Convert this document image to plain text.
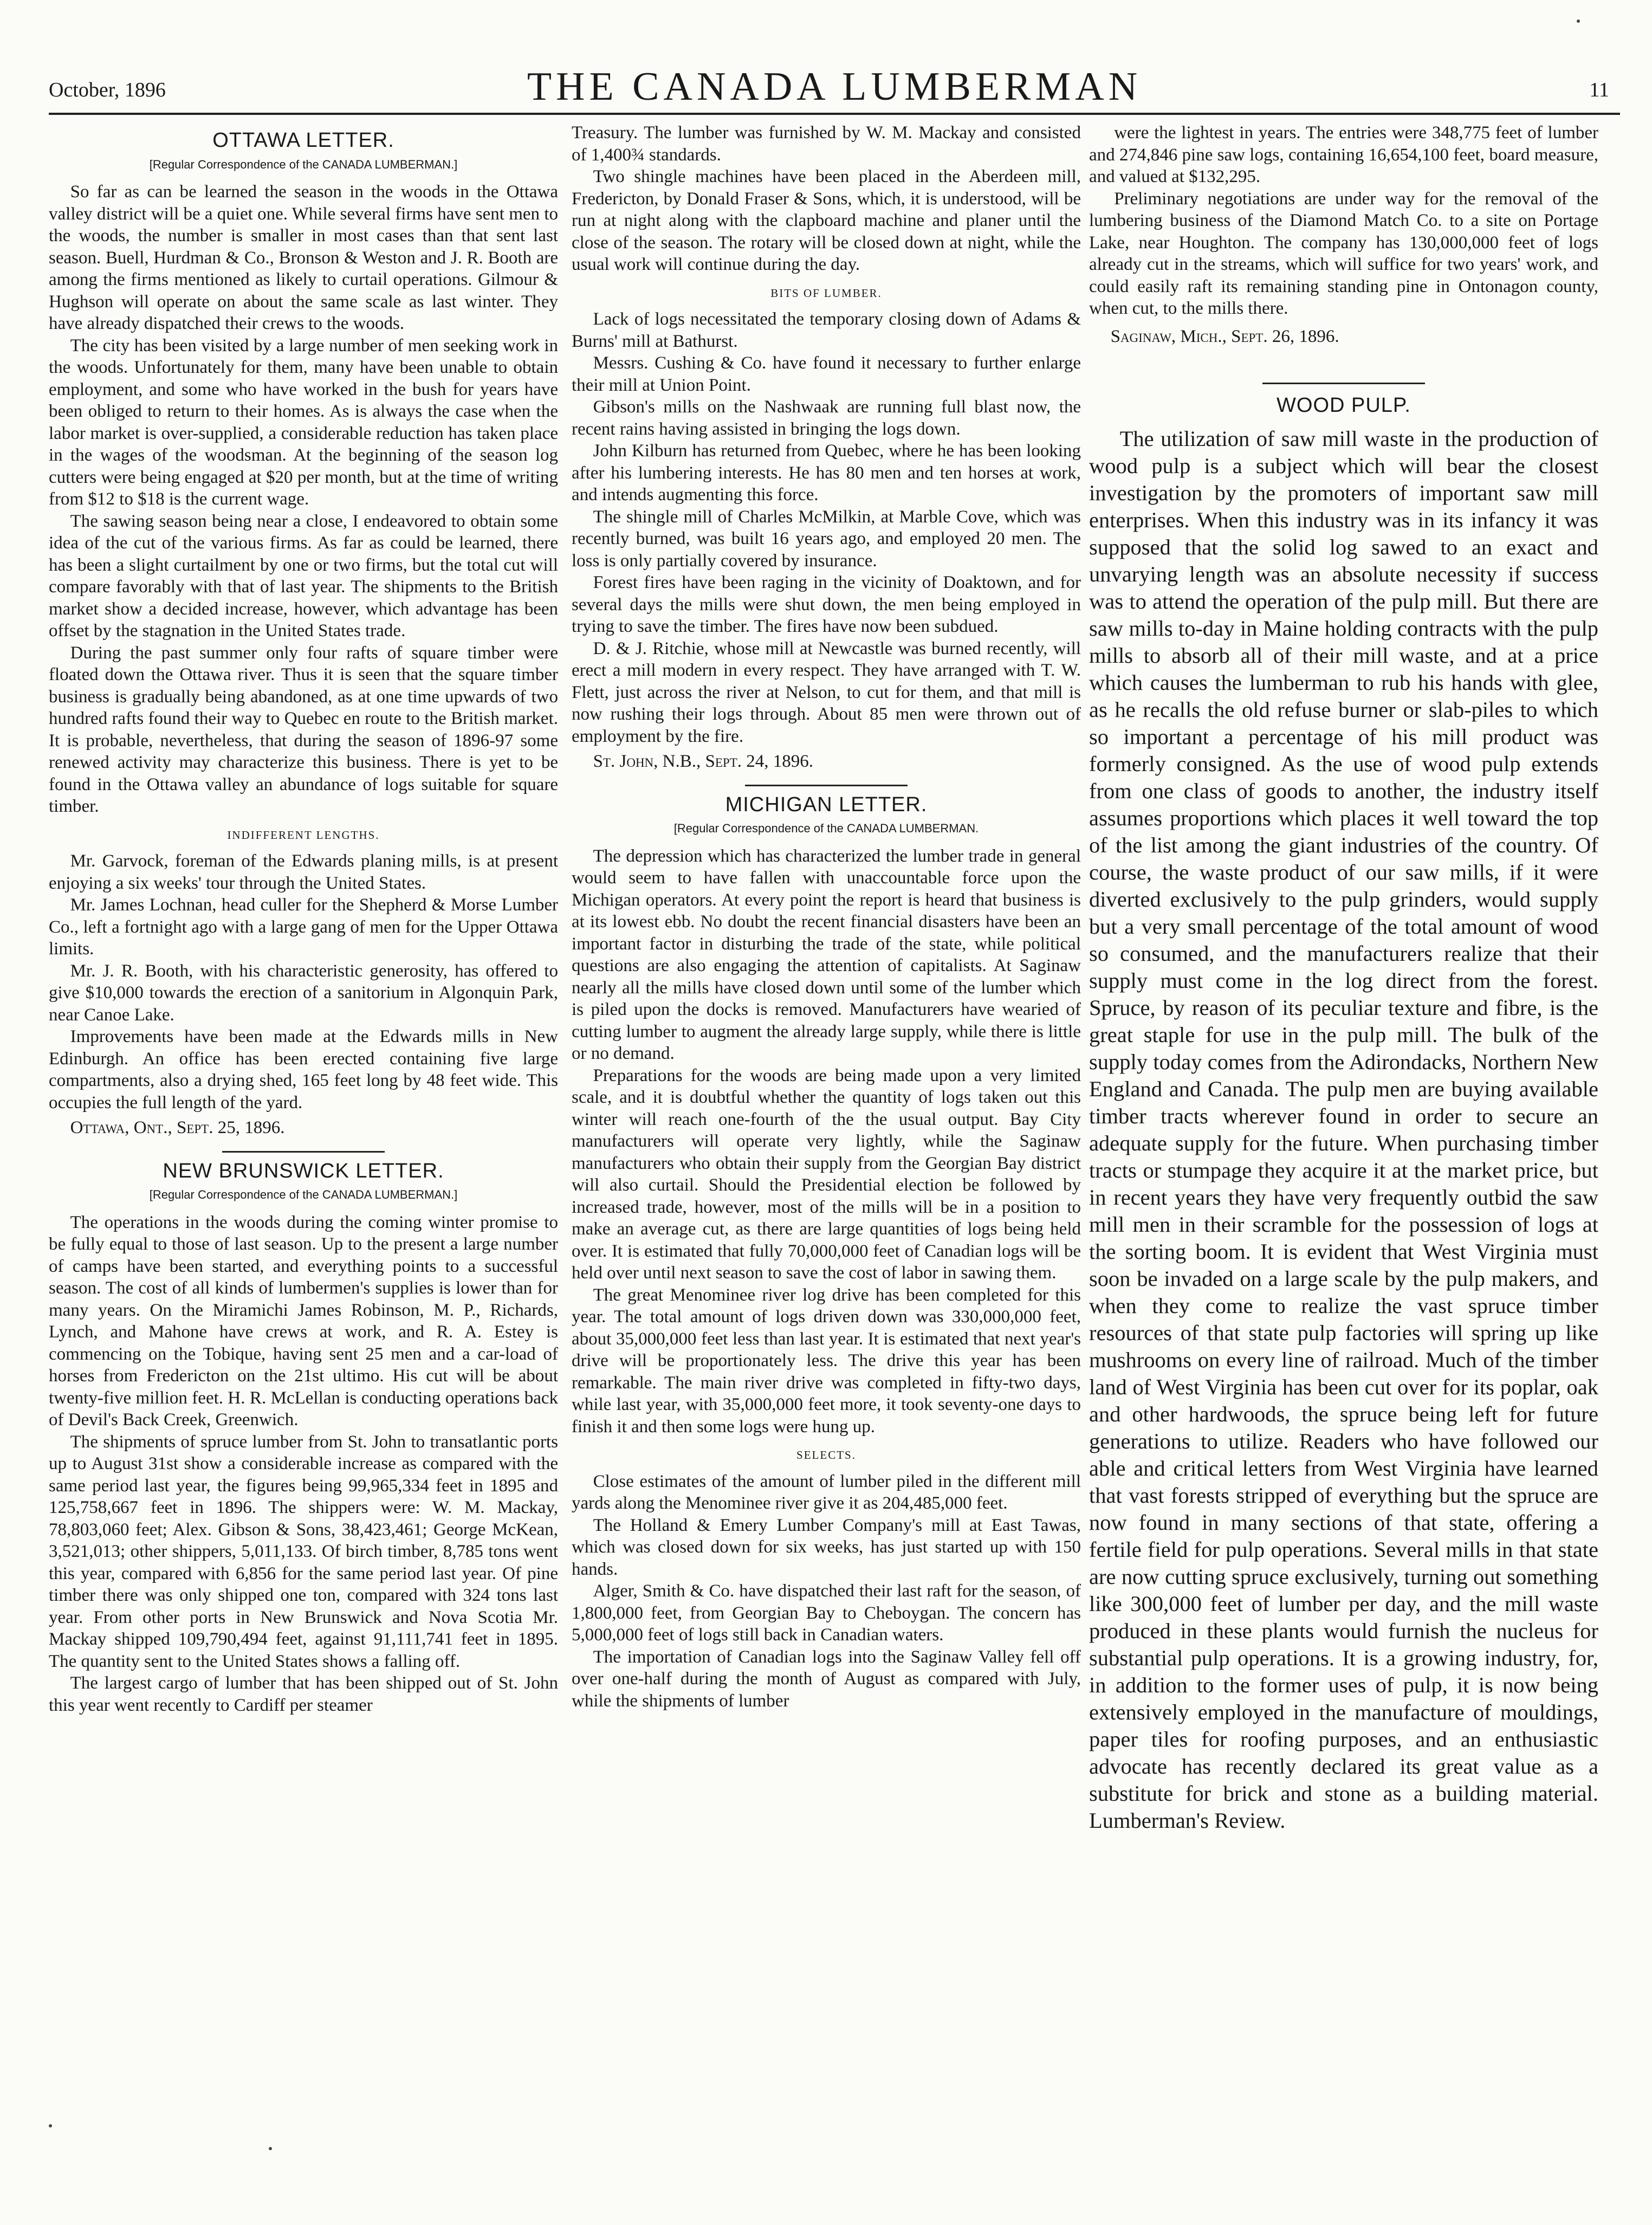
October, 1896	THE CANADA LUMBERMAN	11
OTTAWA LETTER.
[Regular Correspondence of the CANADA LUMBERMAN.]

So far as can be learned the season in the woods in the Ottawa valley district will be a quiet one. While several firms have sent men to the woods, the number is smaller in most cases than that sent last season. Buell, Hurdman & Co., Bronson & Weston and J. R. Booth are among the firms mentioned as likely to curtail operations. Gilmour & Hughson will operate on about the same scale as last winter. They have already dispatched their crews to the woods.

The city has been visited by a large number of men seeking work in the woods. Unfortunately for them, many have been unable to obtain employment, and some who have worked in the bush for years have been obliged to return to their homes. As is always the case when the labor market is over-supplied, a considerable reduction has taken place in the wages of the woodsman. At the beginning of the season log cutters were being engaged at $20 per month, but at the time of writing from $12 to $18 is the current wage.

The sawing season being near a close, I endeavored to obtain some idea of the cut of the various firms. As far as could be learned, there has been a slight curtailment by one or two firms, but the total cut will compare favorably with that of last year. The shipments to the British market show a decided increase, however, which advantage has been offset by the stagnation in the United States trade.

During the past summer only four rafts of square timber were floated down the Ottawa river. Thus it is seen that the square timber business is gradually being abandoned, as at one time upwards of two hundred rafts found their way to Quebec en route to the British market. It is probable, nevertheless, that during the season of 1896-97 some renewed activity may characterize this business. There is yet to be found in the Ottawa valley an abundance of logs suitable for square timber.

INDIFFERENT LENGTHS.

Mr. Garvock, foreman of the Edwards planing mills, is at present enjoying a six weeks' tour through the United States.

Mr. James Lochnan, head culler for the Shepherd & Morse Lumber Co., left a fortnight ago with a large gang of men for the Upper Ottawa limits.

Mr. J. R. Booth, with his characteristic generosity, has offered to give $10,000 towards the erection of a sanitorium in Algonquin Park, near Canoe Lake.

Improvements have been made at the Edwards mills in New Edinburgh. An office has been erected containing five large compartments, also a drying shed, 165 feet long by 48 feet wide. This occupies the full length of the yard.

Ottawa, Ont., Sept. 25, 1896.
NEW BRUNSWICK LETTER.
[Regular Correspondence of the CANADA LUMBERMAN.]

The operations in the woods during the coming winter promise to be fully equal to those of last season. Up to the present a large number of camps have been started, and everything points to a successful season. The cost of all kinds of lumbermen's supplies is lower than for many years. On the Miramichi James Robinson, M. P., Richards, Lynch, and Mahone have crews at work, and R. A. Estey is commencing on the Tobique, having sent 25 men and a car-load of horses from Fredericton on the 21st ultimo. His cut will be about twenty-five million feet. H. R. McLellan is conducting operations back of Devil's Back Creek, Greenwich.

The shipments of spruce lumber from St. John to transatlantic ports up to August 31st show a considerable increase as compared with the same period last year, the figures being 99,965,334 feet in 1895 and 125,758,667 feet in 1896. The shippers were: W. M. Mackay, 78,803,060 feet; Alex. Gibson & Sons, 38,423,461; George McKean, 3,521,013; other shippers, 5,011,133. Of birch timber, 8,785 tons went this year, compared with 6,856 for the same period last year. Of pine timber there was only shipped one ton, compared with 324 tons last year. From other ports in New Brunswick and Nova Scotia Mr. Mackay shipped 109,790,494 feet, against 91,111,741 feet in 1895. The quantity sent to the United States shows a falling off.

The largest cargo of lumber that has been shipped out of St. John this year went recently to Cardiff per steamer

Treasury. The lumber was furnished by W. M. Mackay and consisted of 1,400¾ standards.

Two shingle machines have been placed in the Aberdeen mill, Fredericton, by Donald Fraser & Sons, which, it is understood, will be run at night along with the clapboard machine and planer until the close of the season. The rotary will be closed down at night, while the usual work will continue during the day.

BITS OF LUMBER.

Lack of logs necessitated the temporary closing down of Adams & Burns' mill at Bathurst.

Messrs. Cushing & Co. have found it necessary to further enlarge their mill at Union Point.

Gibson's mills on the Nashwaak are running full blast now, the recent rains having assisted in bringing the logs down.

John Kilburn has returned from Quebec, where he has been looking after his lumbering interests. He has 80 men and ten horses at work, and intends augmenting this force.

The shingle mill of Charles McMilkin, at Marble Cove, which was recently burned, was built 16 years ago, and employed 20 men. The loss is only partially covered by insurance.

Forest fires have been raging in the vicinity of Doaktown, and for several days the mills were shut down, the men being employed in trying to save the timber. The fires have now been subdued.

D. & J. Ritchie, whose mill at Newcastle was burned recently, will erect a mill modern in every respect. They have arranged with T. W. Flett, just across the river at Nelson, to cut for them, and that mill is now rushing their logs through. About 85 men were thrown out of employment by the fire.

St. John, N.B., Sept. 24, 1896.
MICHIGAN LETTER.
[Regular Correspondence of the CANADA LUMBERMAN.

The depression which has characterized the lumber trade in general would seem to have fallen with unaccountable force upon the Michigan operators. At every point the report is heard that business is at its lowest ebb. No doubt the recent financial disasters have been an important factor in disturbing the trade of the state, while political questions are also engaging the attention of capitalists. At Saginaw nearly all the mills have closed down until some of the lumber which is piled upon the docks is removed. Manufacturers have wearied of cutting lumber to augment the already large supply, while there is little or no demand.

Preparations for the woods are being made upon a very limited scale, and it is doubtful whether the quantity of logs taken out this winter will reach one-fourth of the the usual output. Bay City manufacturers will operate very lightly, while the Saginaw manufacturers who obtain their supply from the Georgian Bay district will also curtail. Should the Presidential election be followed by increased trade, however, most of the mills will be in a position to make an average cut, as there are large quantities of logs being held over. It is estimated that fully 70,000,000 feet of Canadian logs will be held over until next season to save the cost of labor in sawing them.

The great Menominee river log drive has been completed for this year. The total amount of logs driven down was 330,000,000 feet, about 35,000,000 feet less than last year. It is estimated that next year's drive will be proportionately less. The drive this year has been remarkable. The main river drive was completed in fifty-two days, while last year, with 35,000,000 feet more, it took seventy-one days to finish it and then some logs were hung up.

SELECTS.

Close estimates of the amount of lumber piled in the different mill yards along the Menominee river give it as 204,485,000 feet.

The Holland & Emery Lumber Company's mill at East Tawas, which was closed down for six weeks, has just started up with 150 hands.

Alger, Smith & Co. have dispatched their last raft for the season, of 1,800,000 feet, from Georgian Bay to Cheboygan. The concern has 5,000,000 feet of logs still back in Canadian waters.

The importation of Canadian logs into the Saginaw Valley fell off over one-half during the month of August as compared with July, while the shipments of lumber

were the lightest in years. The entries were 348,775 feet of lumber and 274,846 pine saw logs, containing 16,654,100 feet, board measure, and valued at $132,295.

Preliminary negotiations are under way for the removal of the lumbering business of the Diamond Match Co. to a site on Portage Lake, near Houghton. The company has 130,000,000 feet of logs already cut in the streams, which will suffice for two years' work, and could easily raft its remaining standing pine in Ontonagon county, when cut, to the mills there.

Saginaw, Mich., Sept. 26, 1896.
WOOD PULP.

The utilization of saw mill waste in the production of wood pulp is a subject which will bear the closest investigation by the promoters of important saw mill enterprises. When this industry was in its infancy it was supposed that the solid log sawed to an exact and unvarying length was an absolute necessity if success was to attend the operation of the pulp mill. But there are saw mills to-day in Maine holding contracts with the pulp mills to absorb all of their mill waste, and at a price which causes the lumberman to rub his hands with glee, as he recalls the old refuse burner or slab-piles to which so important a percentage of his mill product was formerly consigned. As the use of wood pulp extends from one class of goods to another, the industry itself assumes proportions which places it well toward the top of the list among the giant industries of the country. Of course, the waste product of our saw mills, if it were diverted exclusively to the pulp grinders, would supply but a very small percentage of the total amount of wood so consumed, and the manufacturers realize that their supply must come in the log direct from the forest. Spruce, by reason of its peculiar texture and fibre, is the great staple for use in the pulp mill. The bulk of the supply today comes from the Adirondacks, Northern New England and Canada. The pulp men are buying available timber tracts wherever found in order to secure an adequate supply for the future. When purchasing timber tracts or stumpage they acquire it at the market price, but in recent years they have very frequently outbid the saw mill men in their scramble for the possession of logs at the sorting boom. It is evident that West Virginia must soon be invaded on a large scale by the pulp makers, and when they come to realize the vast spruce timber resources of that state pulp factories will spring up like mushrooms on every line of railroad. Much of the timber land of West Virginia has been cut over for its poplar, oak and other hardwoods, the spruce being left for future generations to utilize. Readers who have followed our able and critical letters from West Virginia have learned that vast forests stripped of everything but the spruce are now found in many sections of that state, offering a fertile field for pulp operations. Several mills in that state are now cutting spruce exclusively, turning out something like 300,000 feet of lumber per day, and the mill waste produced in these plants would furnish the nucleus for substantial pulp operations. It is a growing industry, for, in addition to the former uses of pulp, it is now being extensively employed in the manufacture of mouldings, paper tiles for roofing purposes, and an enthusiastic advocate has recently declared its great value as a substitute for brick and stone as a building material. Lumberman's Review.
